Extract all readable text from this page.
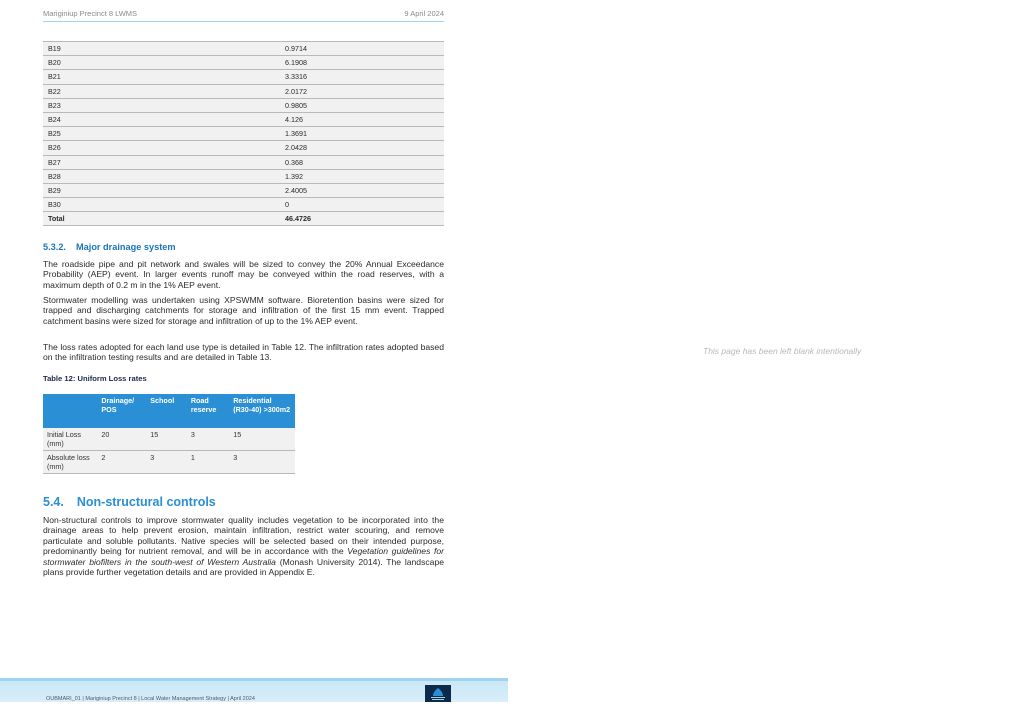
Mariginiup Precinct 8 LWMS	9 April 2024
B19	0.9714
B20	6.1908
B21	3.3316
B22	2.0172
B23	0.9805
B24	4.126
B25	1.3691
B26	2.0428
B27	0.368
B28	1.392
B29	2.4005
B30	0
Total	46.4726
5.3.2. Major drainage system

The roadside pipe and pit network and swales will be sized to convey the 20% Annual Exceedance Probability (AEP) event. In larger events runoff may be conveyed within the road reserves, with a maximum depth of 0.2 m in the 1% AEP event.

Stormwater modelling was undertaken using XPSWMM software. Bioretention basins were sized for trapped and discharging catchments for storage and infiltration of the first 15 mm event. Trapped catchment basins were sized for storage and infiltration of up to the 1% AEP event.

The loss rates adopted for each land use type is detailed in Table 12. The infiltration rates adopted based on the infiltration testing results and are detailed in Table 13.

Table 12: Uniform Loss rates
	Drainage/ POS	School	Road reserve	Residential (R30-40) >300m2
Initial Loss (mm)	20	15	3	15
Absolute loss (mm)	2	3	1	3
5.4. Non-structural controls

Non-structural controls to improve stormwater quality includes vegetation to be incorporated into the drainage areas to help prevent erosion, maintain infiltration, restrict water scouring, and remove particulate and soluble pollutants. Native species will be selected based on their intended purpose, predominantly being for nutrient removal, and will be in accordance with the Vegetation guidelines for stormwater biofilters in the south-west of Western Australia (Monash University 2014). The landscape plans provide further vegetation details and are provided in Appendix E.

OUBMARI_01 | Mariginiup Precinct 8 | Local Water Management Strategy | April 2024
This page has been left blank intentionally
